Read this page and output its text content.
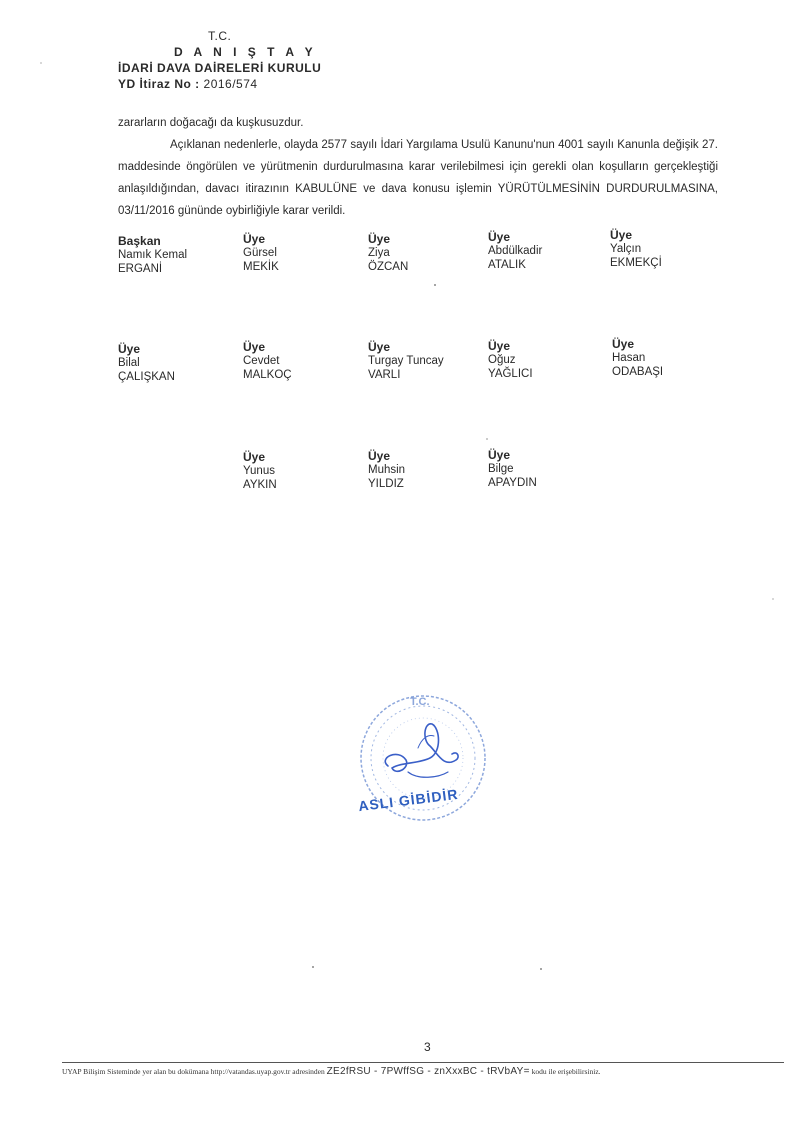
T.C.
D A N I Ş T A Y
İDARİ DAVA DAİRELERİ KURULU
YD İtiraz No : 2016/574

zararların doğacağı da kuşkusuzdur.

Açıklanan nedenlerle, olayda 2577 sayılı İdari Yargılama Usulü Kanunu'nun 4001 sayılı Kanunla değişik 27. maddesinde öngörülen ve yürütmenin durdurulmasına karar verilebilmesi için gerekli olan koşulların gerçekleştiği anlaşıldığından, davacı itirazının KABULÜNE ve dava konusu işlemin YÜRÜTÜLMESİNİN DURDURULMASINA, 03/11/2016 gününde oybirliğiyle karar verildi.

Başkan
Namık Kemal
ERGANİ
Üye
Gürsel
MEKİK
Üye
Ziya
ÖZCAN
Üye
Abdülkadir
ATALIK
Üye
Yalçın
EKMEKÇİ
Üye
Bilal
ÇALIŞKAN
Üye
Cevdet
MALKOÇ
Üye
Turgay Tuncay
VARLI
Üye
Oğuz
YAĞLICI
Üye
Hasan
ODABAŞI
Üye
Yunus
AYKIN
Üye
Muhsin
YILDIZ
Üye
Bilge
APAYDIN
T.C.
ASLI GİBİDİR
3
UYAP Bilişim Sisteminde yer alan bu dokümana http://vatandas.uyap.gov.tr adresinden ZE2fRSU - 7PWffSG - znXxxBC - tRVbAY= kodu ile erişebilirsiniz.
